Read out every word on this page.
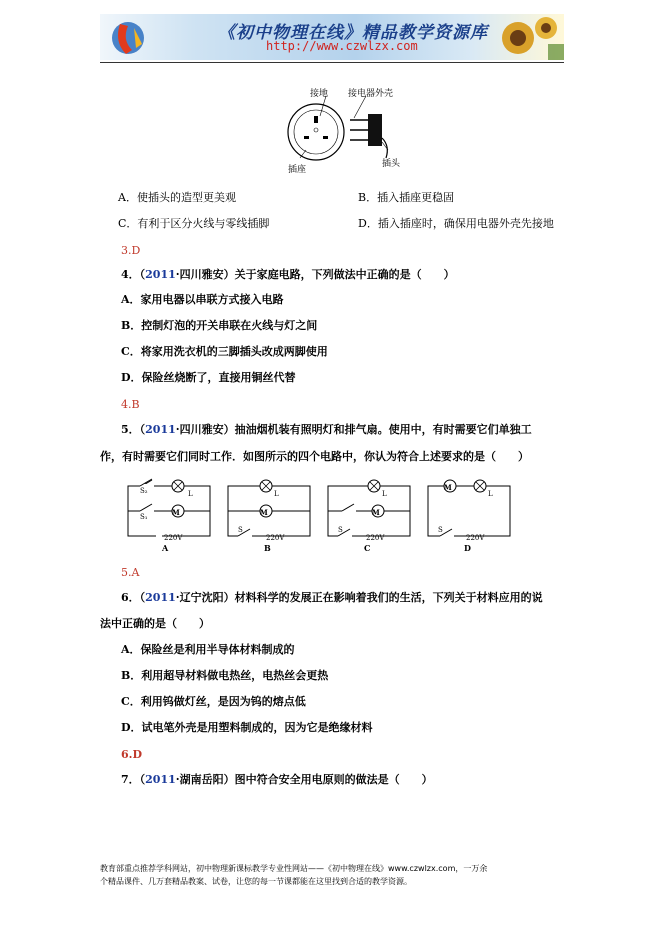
《初中物理在线》精品教学资源库
http://www.czwlzx.com
接地 接电器外壳
插座
插头
A．使插头的造型更美观	B．插入插座更稳固
C．有利于区分火线与零线插脚	D．插入插座时，确保用电器外壳先接地
3.D
4．（2011·四川雅安）关于家庭电路，下列做法中正确的是（　　）
A．家用电器以串联方式接入电路
B．控制灯泡的开关串联在火线与灯之间
C．将家用洗衣机的三脚插头改成两脚使用
D．保险丝烧断了，直接用铜丝代替
4.B
5．（2011·四川雅安）抽油烟机装有照明灯和排气扇。使用中，有时需要它们单独工
作，有时需要它们同时工作．如图所示的四个电路中，你认为符合上述要求的是（　　）
M
L
S₂
S₁
220V
A
M
L
S
220V
B
M
L
S
220V
C
M
L
S
220V
D
5.A
6．（2011·辽宁沈阳）材料科学的发展正在影响着我们的生活，下列关于材料应用的说
法中正确的是（　　）
A．保险丝是利用半导体材料制成的
B．利用超导材料做电热丝，电热丝会更热
C．利用钨做灯丝，是因为钨的熔点低
D．试电笔外壳是用塑料制成的，因为它是绝缘材料
6.D
7．（2011·湖南岳阳）图中符合安全用电原则的做法是（　　）
教育部重点推荐学科网站，初中物理新课标教学专业性网站——《初中物理在线》www.czwlzx.com，一万余
个精品课件、几万套精品教案、试卷，让您的每一节课都能在这里找到合适的教学资源。
